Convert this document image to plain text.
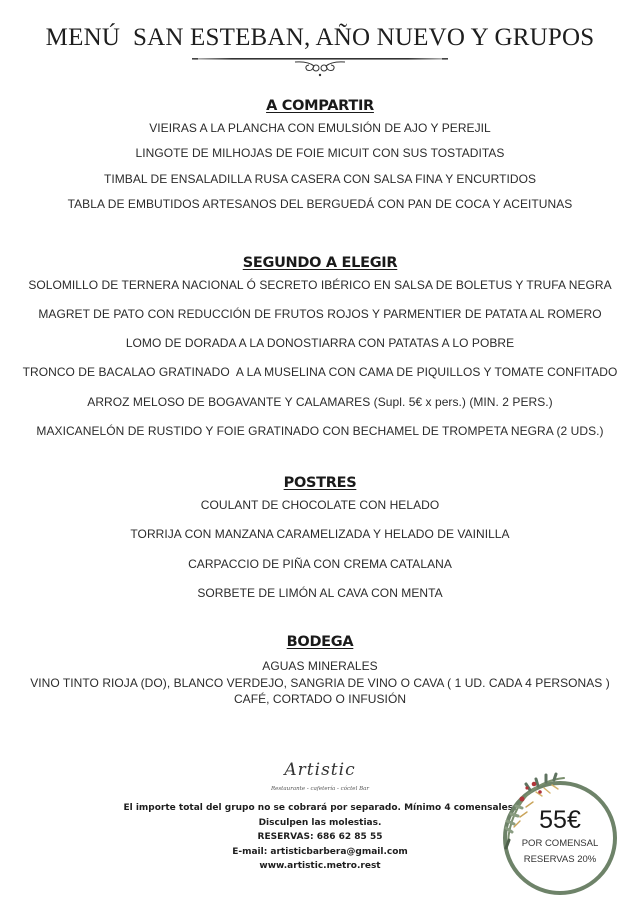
MENÚ  SAN ESTEBAN, AÑO NUEVO Y GRUPOS
A COMPARTIR
VIEIRAS A LA PLANCHA CON EMULSIÓN DE AJO Y PEREJIL
LINGOTE DE MILHOJAS DE FOIE MICUIT CON SUS TOSTADITAS
TIMBAL DE ENSALADILLA RUSA CASERA CON SALSA FINA Y ENCURTIDOS
TABLA DE EMBUTIDOS ARTESANOS DEL BERGUEDÁ CON PAN DE COCA Y ACEITUNAS
SEGUNDO A ELEGIR
SOLOMILLO DE TERNERA NACIONAL Ó SECRETO IBÉRICO EN SALSA DE BOLETUS Y TRUFA NEGRA
MAGRET DE PATO CON REDUCCIÓN DE FRUTOS ROJOS Y PARMENTIER DE PATATA AL ROMERO
LOMO DE DORADA A LA DONOSTIARRA CON PATATAS A LO POBRE
TRONCO DE BACALAO GRATINADO  A LA MUSELINA CON CAMA DE PIQUILLOS Y TOMATE CONFITADO
ARROZ MELOSO DE BOGAVANTE Y CALAMARES (Supl. 5€ x pers.) (MIN. 2 PERS.)
MAXICANELÓN DE RUSTIDO Y FOIE GRATINADO CON BECHAMEL DE TROMPETA NEGRA (2 UDS.)
POSTRES
COULANT DE CHOCOLATE CON HELADO
TORRIJA CON MANZANA CARAMELIZADA Y HELADO DE VAINILLA
CARPACCIO DE PIÑA CON CREMA CATALANA
SORBETE DE LIMÓN AL CAVA CON MENTA
BODEGA
AGUAS MINERALES
VINO TINTO RIOJA (DO), BLANCO VERDEJO, SANGRIA DE VINO O CAVA ( 1 UD. CADA 4 PERSONAS )
CAFÉ, CORTADO O INFUSIÓN
Artistic
Restaurante - cafetería - cóctel Bar
El importe total del grupo no se cobrará por separado. Mínimo 4 comensales.
Disculpen las molestias.
RESERVAS: 686 62 85 55
E-mail: artisticbarbera@gmail.com
www.artistic.metro.rest
55€
POR COMENSAL
RESERVAS 20%
